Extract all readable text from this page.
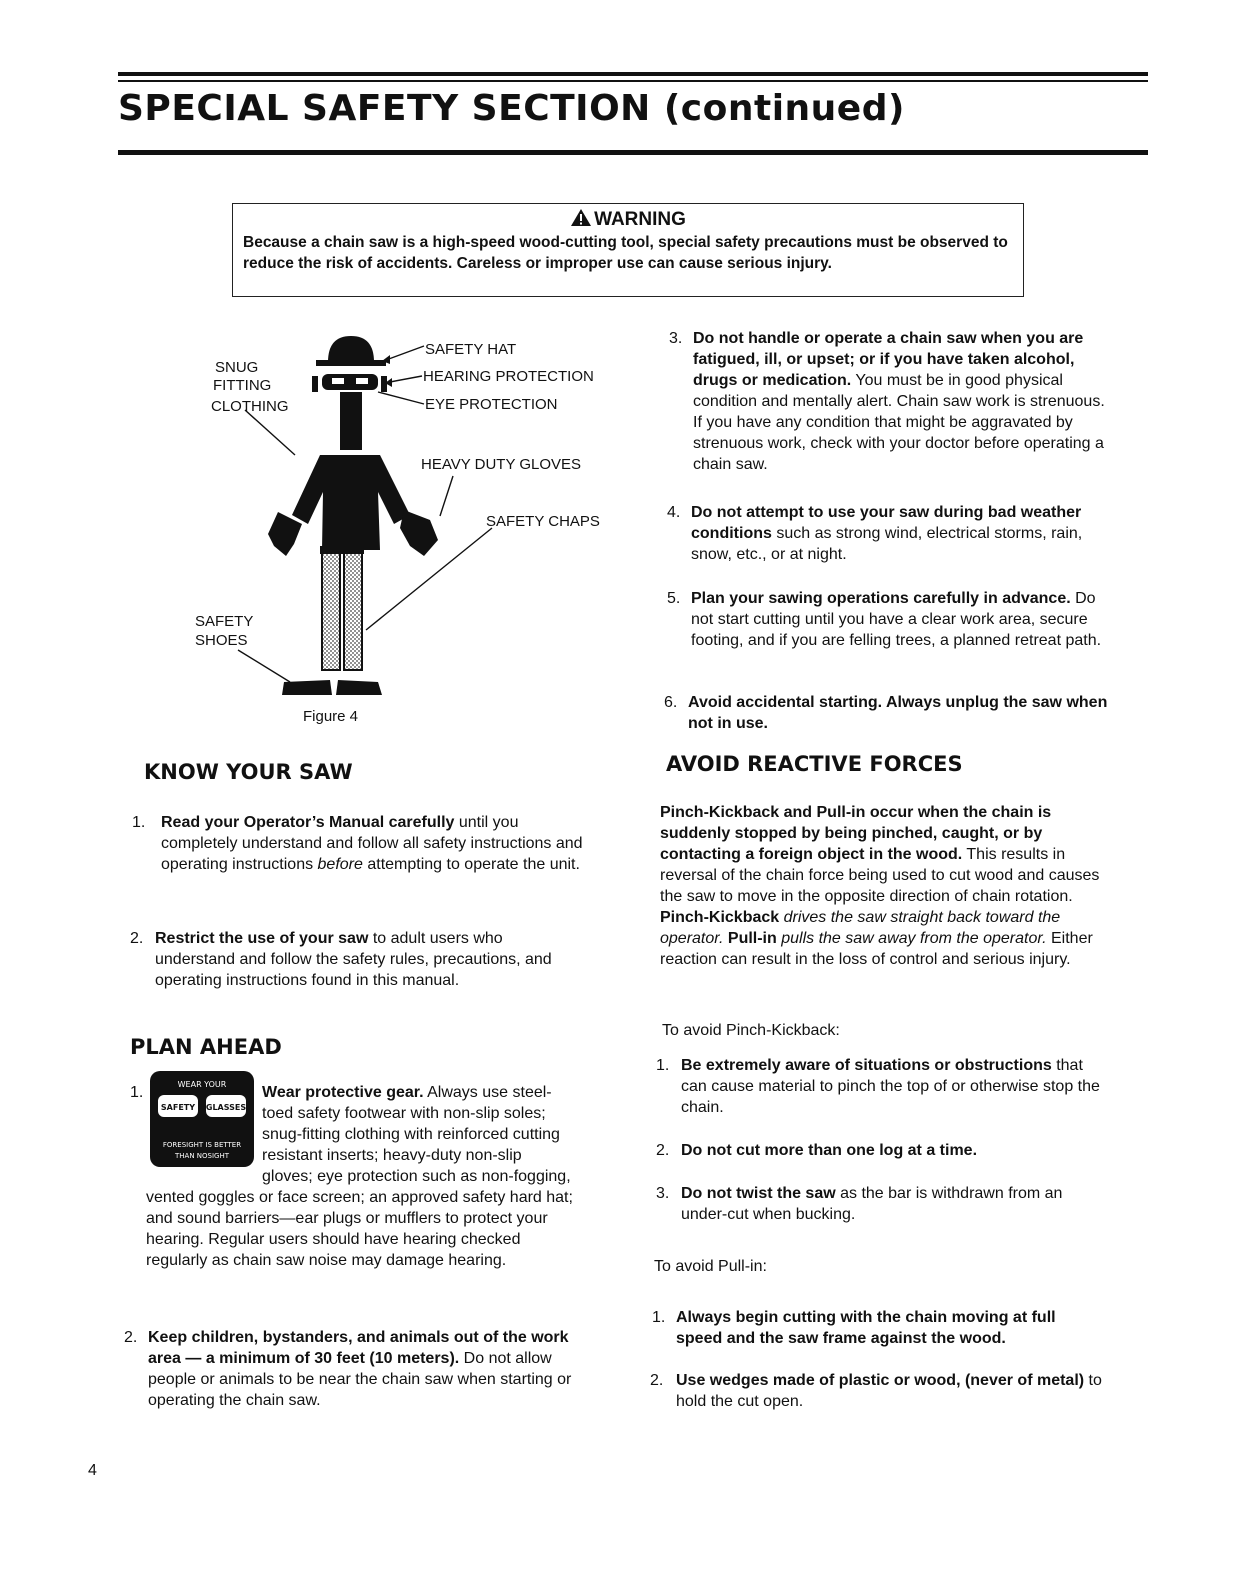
SPECIAL SAFETY SECTION (continued)
WARNING
Because a chain saw is a high-speed wood-cutting tool, special safety precautions must be observed to reduce the risk of accidents. Careless or improper use can cause serious injury.
SAFETY HAT
HEARING PROTECTION
EYE PROTECTION
SNUG
FITTING
CLOTHING
HEAVY DUTY GLOVES
SAFETY CHAPS
SAFETY
SHOES
Figure 4
KNOW YOUR SAW
1. Read your Operator’s Manual carefully until you completely understand and follow all safety instructions and operating instructions before attempting to operate the unit.
2. Restrict the use of your saw to adult users who understand and follow the safety rules, precautions, and operating instructions found in this manual.
PLAN AHEAD
WEAR YOUR
SAFETY GLASSES
FORESIGHT IS BETTER
THAN NOSIGHT
1.	Wear protective gear. Always use steel-toed safety footwear with non-slip soles; snug-fitting clothing with reinforced cutting resistant inserts; heavy-duty non-slip gloves; eye protection such as non-fogging, vented goggles or face screen; an approved safety hard hat; and sound barriers—ear plugs or mufflers to protect your hearing. Regular users should have hearing checked regularly as chain saw noise may damage hearing.
2. Keep children, bystanders, and animals out of the work area — a minimum of 30 feet (10 meters). Do not allow people or animals to be near the chain saw when starting or operating the chain saw.
3. Do not handle or operate a chain saw when you are fatigued, ill, or upset; or if you have taken alcohol, drugs or medication. You must be in good physical condition and mentally alert. Chain saw work is strenuous. If you have any condition that might be aggravated by strenuous work, check with your doctor before operating a chain saw.
4. Do not attempt to use your saw during bad weather conditions such as strong wind, electrical storms, rain, snow, etc., or at night.
5. Plan your sawing operations carefully in advance. Do not start cutting until you have a clear work area, secure footing, and if you are felling trees, a planned retreat path.
6. Avoid accidental starting. Always unplug the saw when not in use.
AVOID REACTIVE FORCES
Pinch-Kickback and Pull-in occur when the chain is suddenly stopped by being pinched, caught, or by contacting a foreign object in the wood. This results in reversal of the chain force being used to cut wood and causes the saw to move in the opposite direction of chain rotation. Pinch-Kickback drives the saw straight back toward the operator. Pull-in pulls the saw away from the operator. Either reaction can result in the loss of control and serious injury.
To avoid Pinch-Kickback:
1. Be extremely aware of situations or obstructions that can cause material to pinch the top of or otherwise stop the chain.
2. Do not cut more than one log at a time.
3. Do not twist the saw as the bar is withdrawn from an under-cut when bucking.
To avoid Pull-in:
1. Always begin cutting with the chain moving at full speed and the saw frame against the wood.
2. Use wedges made of plastic or wood, (never of metal) to hold the cut open.
4
